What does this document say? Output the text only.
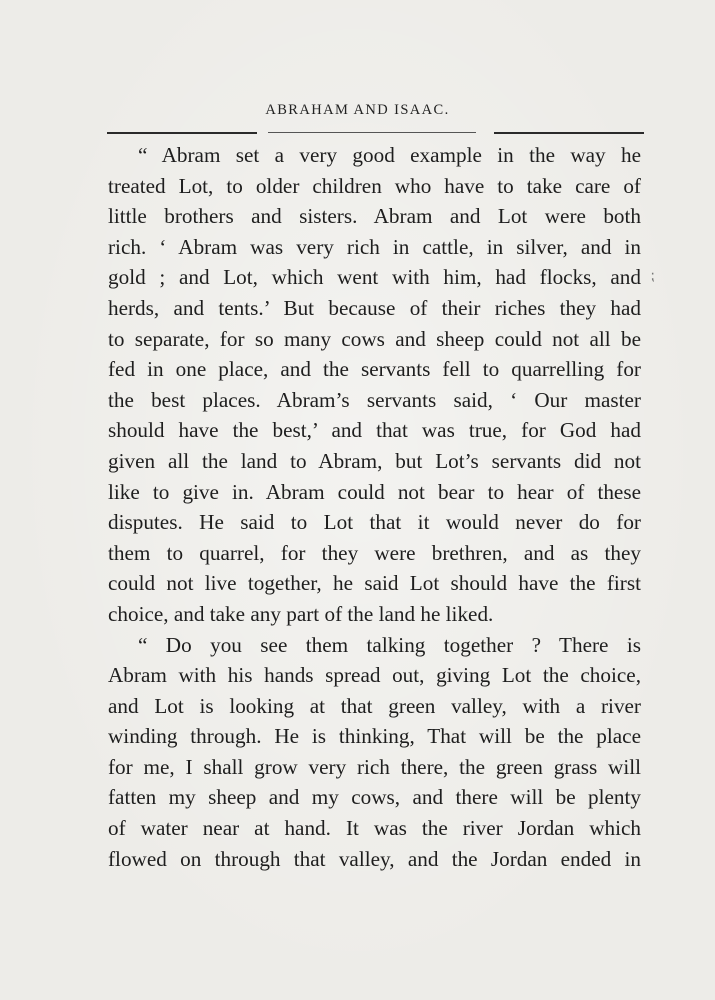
ABRAHAM AND ISAAC.
“ Abram set a very good example in the way he
treated Lot, to older children who have to take care of
little brothers and sisters. Abram and Lot were both
rich. ‘ Abram was very rich in cattle, in silver, and in
gold ; and Lot, which went with him, had flocks, and
herds, and tents.’ But because of their riches they had
to separate, for so many cows and sheep could not all be
fed in one place, and the servants fell to quarrelling for
the best places. Abram’s servants said, ‘ Our master
should have the best,’ and that was true, for God had
given all the land to Abram, but Lot’s servants did not
like to give in. Abram could not bear to hear of these
disputes. He said to Lot that it would never do for
them to quarrel, for they were brethren, and as they
could not live together, he said Lot should have the first
choice, and take any part of the land he liked.
“ Do you see them talking together ? There is
Abram with his hands spread out, giving Lot the choice,
and Lot is looking at that green valley, with a river
winding through. He is thinking, That will be the place
for me, I shall grow very rich there, the green grass will
fatten my sheep and my cows, and there will be plenty
of water near at hand. It was the river Jordan which
flowed on through that valley, and the Jordan ended in
⁏
